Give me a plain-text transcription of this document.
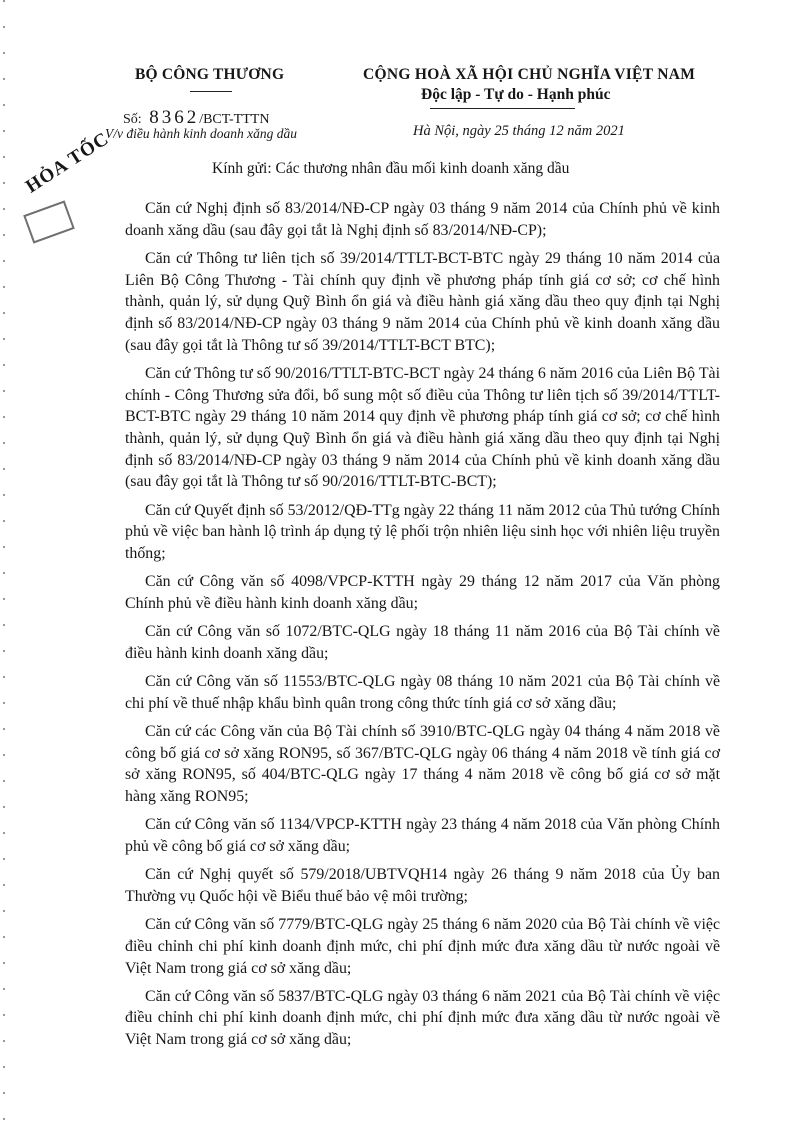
BỘ CÔNG THƯƠNG
Số: 8362/BCT-TTTN
V/v điều hành kinh doanh xăng dầu
CỘNG HOÀ XÃ HỘI CHỦ NGHĨA VIỆT NAM
Độc lập - Tự do - Hạnh phúc
Hà Nội, ngày 25 tháng 12 năm 2021
HỎA TỐC	Kính gửi: Các thương nhân đầu mối kinh doanh xăng dầu

Căn cứ Nghị định số 83/2014/NĐ-CP ngày 03 tháng 9 năm 2014 của Chính phủ về kinh doanh xăng dầu (sau đây gọi tắt là Nghị định số 83/2014/NĐ-CP);

Căn cứ Thông tư liên tịch số 39/2014/TTLT-BCT-BTC ngày 29 tháng 10 năm 2014 của Liên Bộ Công Thương - Tài chính quy định về phương pháp tính giá cơ sở; cơ chế hình thành, quản lý, sử dụng Quỹ Bình ổn giá và điều hành giá xăng dầu theo quy định tại Nghị định số 83/2014/NĐ-CP ngày 03 tháng 9 năm 2014 của Chính phủ về kinh doanh xăng dầu (sau đây gọi tắt là Thông tư số 39/2014/TTLT-BCT BTC);

Căn cứ Thông tư số 90/2016/TTLT-BTC-BCT ngày 24 tháng 6 năm 2016 của Liên Bộ Tài chính - Công Thương sửa đổi, bổ sung một số điều của Thông tư liên tịch số 39/2014/TTLT-BCT-BTC ngày 29 tháng 10 năm 2014 quy định về phương pháp tính giá cơ sở; cơ chế hình thành, quản lý, sử dụng Quỹ Bình ổn giá và điều hành giá xăng dầu theo quy định tại Nghị định số 83/2014/NĐ-CP ngày 03 tháng 9 năm 2014 của Chính phủ về kinh doanh xăng dầu (sau đây gọi tắt là Thông tư số 90/2016/TTLT-BTC-BCT);

Căn cứ Quyết định số 53/2012/QĐ-TTg ngày 22 tháng 11 năm 2012 của Thủ tướng Chính phủ về việc ban hành lộ trình áp dụng tỷ lệ phối trộn nhiên liệu sinh học với nhiên liệu truyền thống;

Căn cứ Công văn số 4098/VPCP-KTTH ngày 29 tháng 12 năm 2017 của Văn phòng Chính phủ về điều hành kinh doanh xăng dầu;

Căn cứ Công văn số 1072/BTC-QLG ngày 18 tháng 11 năm 2016 của Bộ Tài chính về điều hành kinh doanh xăng dầu;

Căn cứ Công văn số 11553/BTC-QLG ngày 08 tháng 10 năm 2021 của Bộ Tài chính về chi phí về thuế nhập khẩu bình quân trong công thức tính giá cơ sở xăng dầu;

Căn cứ các Công văn của Bộ Tài chính số 3910/BTC-QLG ngày 04 tháng 4 năm 2018 về công bố giá cơ sở xăng RON95, số 367/BTC-QLG ngày 06 tháng 4 năm 2018 về tính giá cơ sở xăng RON95, số 404/BTC-QLG ngày 17 tháng 4 năm 2018 về công bố giá cơ sở mặt hàng xăng RON95;

Căn cứ Công văn số 1134/VPCP-KTTH ngày 23 tháng 4 năm 2018 của Văn phòng Chính phủ về công bố giá cơ sở xăng dầu;

Căn cứ Nghị quyết số 579/2018/UBTVQH14 ngày 26 tháng 9 năm 2018 của Ủy ban Thường vụ Quốc hội về Biểu thuế bảo vệ môi trường;

Căn cứ Công văn số 7779/BTC-QLG ngày 25 tháng 6 năm 2020 của Bộ Tài chính về việc điều chỉnh chi phí kinh doanh định mức, chi phí định mức đưa xăng dầu từ nước ngoài về Việt Nam trong giá cơ sở xăng dầu;

Căn cứ Công văn số 5837/BTC-QLG ngày 03 tháng 6 năm 2021 của Bộ Tài chính về việc điều chỉnh chi phí kinh doanh định mức, chi phí định mức đưa xăng dầu từ nước ngoài về Việt Nam trong giá cơ sở xăng dầu;
